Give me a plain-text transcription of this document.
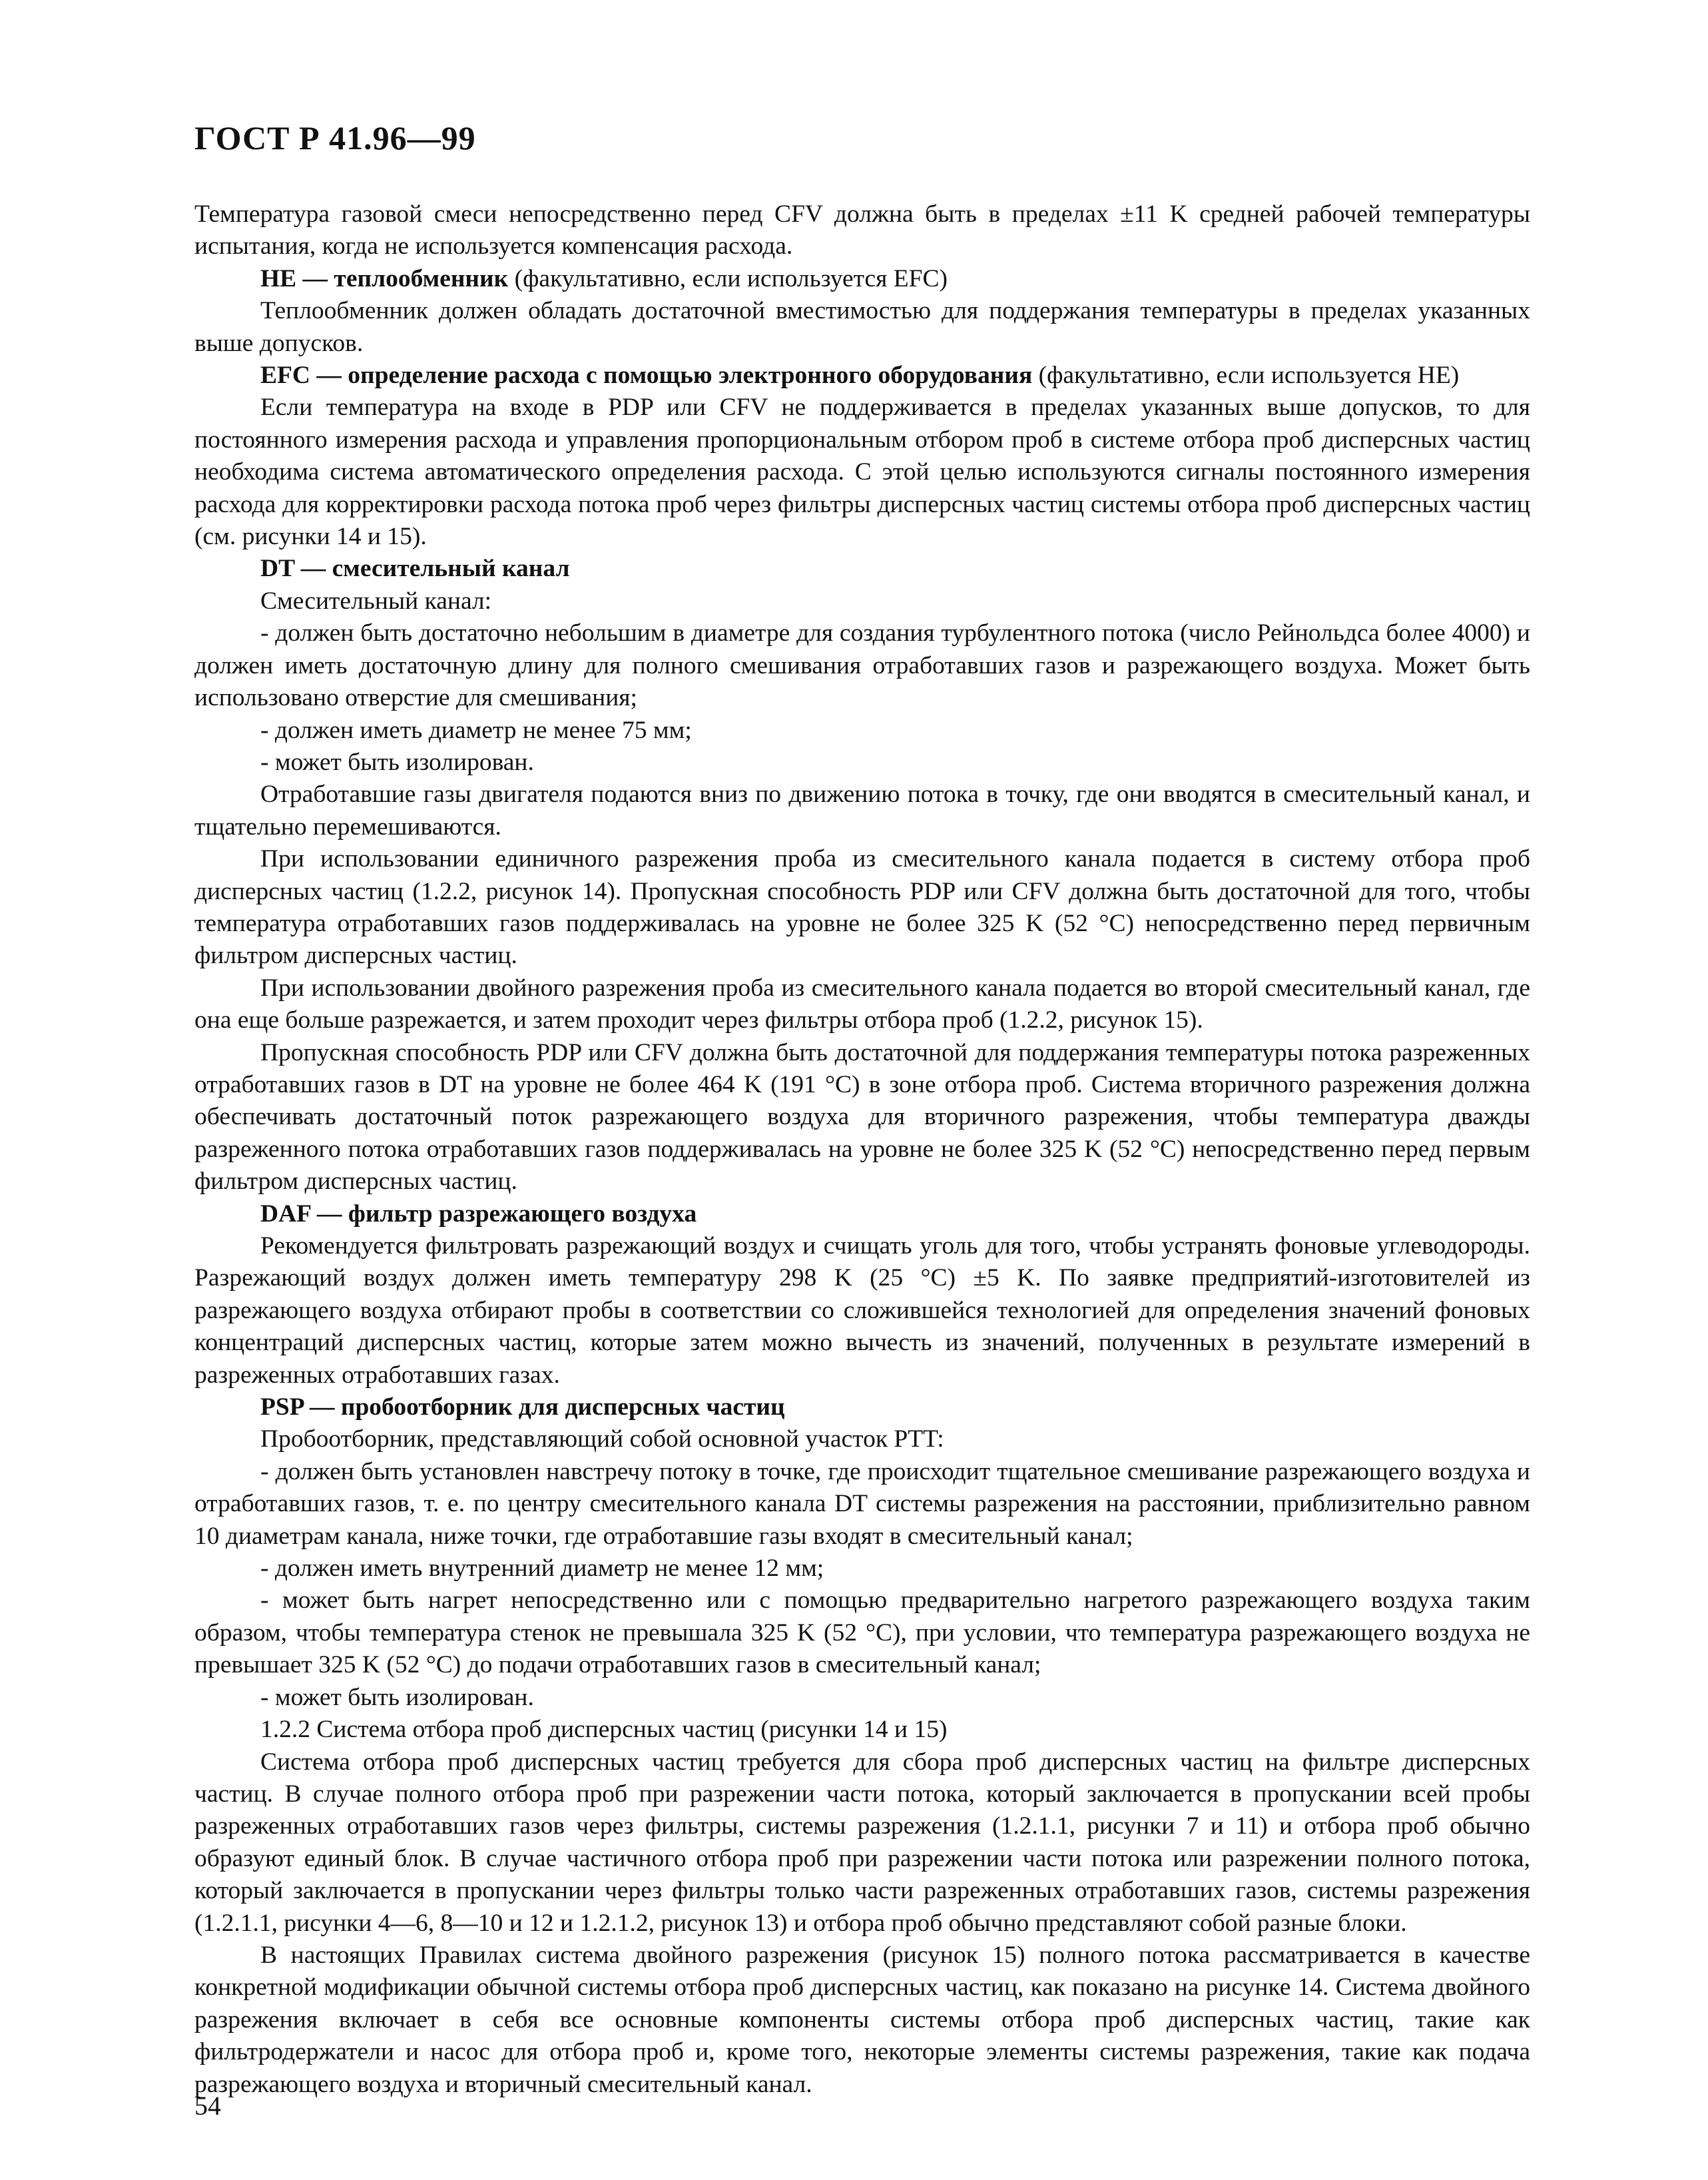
ГОСТ Р 41.96—99

Температура газовой смеси непосредственно перед CFV должна быть в пределах ±11 K средней рабочей температуры испытания, когда не используется компенсация расхода.

HE — теплообменник (факультативно, если используется EFC)

Теплообменник должен обладать достаточной вместимостью для поддержания температуры в пределах указанных выше допусков.

EFC — определение расхода с помощью электронного оборудования (факультативно, если используется HE)

Если температура на входе в PDP или CFV не поддерживается в пределах указанных выше допусков, то для постоянного измерения расхода и управления пропорциональным отбором проб в системе отбора проб дисперсных частиц необходима система автоматического определения расхода. С этой целью используются сигналы постоянного измерения расхода для корректировки расхода потока проб через фильтры дисперсных частиц системы отбора проб дисперсных частиц (см. рисунки 14 и 15).

DT — смесительный канал

Смесительный канал:

- должен быть достаточно небольшим в диаметре для создания турбулентного потока (число Рейнольдса более 4000) и должен иметь достаточную длину для полного смешивания отработавших газов и разрежающего воздуха. Может быть использовано отверстие для смешивания;

- должен иметь диаметр не менее 75 мм;

- может быть изолирован.

Отработавшие газы двигателя подаются вниз по движению потока в точку, где они вводятся в смесительный канал, и тщательно перемешиваются.

При использовании единичного разрежения проба из смесительного канала подается в систему отбора проб дисперсных частиц (1.2.2, рисунок 14). Пропускная способность PDP или CFV должна быть достаточной для того, чтобы температура отработавших газов поддерживалась на уровне не более 325 K (52 °C) непосредственно перед первичным фильтром дисперсных частиц.

При использовании двойного разрежения проба из смесительного канала подается во второй смесительный канал, где она еще больше разрежается, и затем проходит через фильтры отбора проб (1.2.2, рисунок 15).

Пропускная способность PDP или CFV должна быть достаточной для поддержания температуры потока разреженных отработавших газов в DT на уровне не более 464 K (191 °C) в зоне отбора проб. Система вторичного разрежения должна обеспечивать достаточный поток разрежающего воздуха для вторичного разрежения, чтобы температура дважды разреженного потока отработавших газов поддерживалась на уровне не более 325 K (52 °C) непосредственно перед первым фильтром дисперсных частиц.

DAF — фильтр разрежающего воздуха

Рекомендуется фильтровать разрежающий воздух и счищать уголь для того, чтобы устранять фоновые углеводороды. Разрежающий воздух должен иметь температуру 298 K (25 °C) ±5 K. По заявке предприятий-изготовителей из разрежающего воздуха отбирают пробы в соответствии со сложившейся технологией для определения значений фоновых концентраций дисперсных частиц, которые затем можно вычесть из значений, полученных в результате измерений в разреженных отработавших газах.

PSP — пробоотборник для дисперсных частиц

Пробоотборник, представляющий собой основной участок PTT:

- должен быть установлен навстречу потоку в точке, где происходит тщательное смешивание разрежающего воздуха и отработавших газов, т. е. по центру смесительного канала DT системы разрежения на расстоянии, приблизительно равном 10 диаметрам канала, ниже точки, где отработавшие газы входят в смесительный канал;

- должен иметь внутренний диаметр не менее 12 мм;

- может быть нагрет непосредственно или с помощью предварительно нагретого разрежающего воздуха таким образом, чтобы температура стенок не превышала 325 K (52 °C), при условии, что температура разрежающего воздуха не превышает 325 K (52 °C) до подачи отработавших газов в смесительный канал;

- может быть изолирован.

1.2.2 Система отбора проб дисперсных частиц (рисунки 14 и 15)

Система отбора проб дисперсных частиц требуется для сбора проб дисперсных частиц на фильтре дисперсных частиц. В случае полного отбора проб при разрежении части потока, который заключается в пропускании всей пробы разреженных отработавших газов через фильтры, системы разрежения (1.2.1.1, рисунки 7 и 11) и отбора проб обычно образуют единый блок. В случае частичного отбора проб при разрежении части потока или разрежении полного потока, который заключается в пропускании через фильтры только части разреженных отработавших газов, системы разрежения (1.2.1.1, рисунки 4—6, 8—10 и 12 и 1.2.1.2, рисунок 13) и отбора проб обычно представляют собой разные блоки.

В настоящих Правилах система двойного разрежения (рисунок 15) полного потока рассматривается в качестве конкретной модификации обычной системы отбора проб дисперсных частиц, как показано на рисунке 14. Система двойного разрежения включает в себя все основные компоненты системы отбора проб дисперсных частиц, такие как фильтродержатели и насос для отбора проб и, кроме того, некоторые элементы системы разрежения, такие как подача разрежающего воздуха и вторичный смесительный канал.

54
